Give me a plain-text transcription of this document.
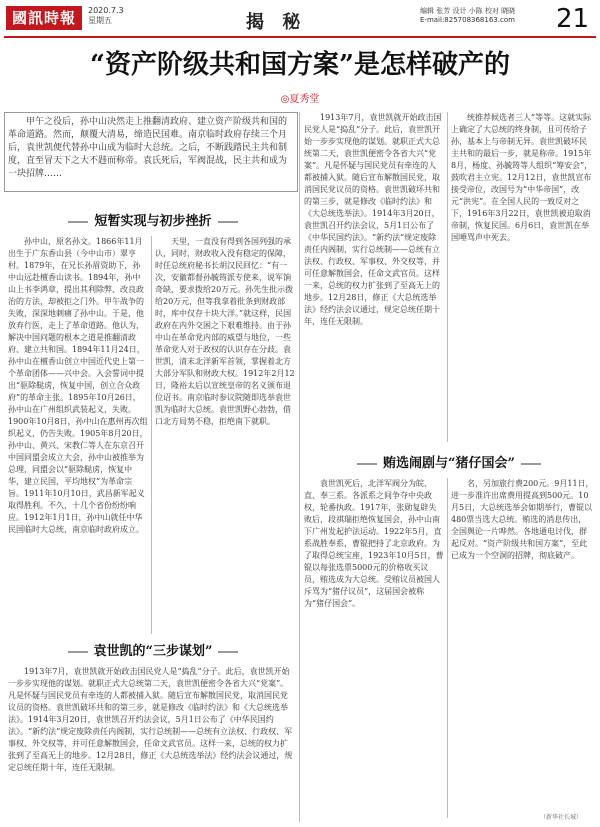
國訊時報	2020.7.3
星期五	揭 秘
编辑 张芳 设计 小陈 校对 晓晓
E-mail:825708368163.com 21
“资产阶级共和国方案”是怎样破产的
◎夏秀堂
甲午之役后，孙中山决然走上推翻清政府、建立资产阶级共和国的革命道路。然而，颠覆大清易，缔造民国难。南京临时政府存续三个月后，袁世凯便代替孙中山成为临时大总统。之后，不断践踏民主共和制度，直至冒天下之大不韪而称帝。袁氏死后，军阀混战，民主共和成为一块招牌……
短暂实现与初步挫折

孙中山，原名孙文。1866年11月出生于广东香山县（今中山市）翠亨村。1879年，在兄长孙眉资助下，孙中山远赴檀香山读书。1894年，孙中山上书李鸿章，提出其利除弊、改良政治的方法，却被拒之门外。甲午战争的失败，深深地刺痛了孙中山。于是，他放弃行医，走上了革命道路。他认为，解决中国问题的根本之道是推翻清政府、建立共和国。1894年11月24日，孙中山在檀香山创立中国近代史上第一个革命团体——兴中会。入会誓词中提出“驱除鞑虏，恢复中国，创立合众政府”的革命主张。1895年10月26日，孙中山在广州组织武装起义，失败。1900年10月8日，孙中山在惠州再次组织起义，仍告失败。1905年8月20日，孙中山、黄兴、宋教仁等人在东京召开中国同盟会成立大会，孙中山被推举为总理，同盟会以“驱除鞑虏，恢复中华，建立民国，平均地权”为革命宗旨。1911年10月10日，武昌新军起义取得胜利。不久，十几个省份纷纷响应。1912年1月1日，孙中山就任中华民国临时大总统，南京临时政府成立。

天里，一直没有得到各国列强的承认，同时，财政收入没有稳定的保障，时任总统府秘书长胡汉民回忆：“有一次，安徽都督孙毓筠派专使来，说军饷奇缺，要求拨给20万元。孙先生批示拨给20万元，但等我拿着批条到财政部时，库中仅存十块大洋。”就这样，民国政府在内外交困之下艰难维持。由于孙中山在革命党内部的威望与地位，一些革命党人对于政权的认识存在分歧。袁世凯，清末北洋新军首领，掌握着北方大部分军队和财政大权。1912年2月12日，隆裕太后以宣统皇帝的名义颁布退位诏书。南京临时参议院随即选举袁世凯为临时大总统。袁世凯野心勃勃，借口北方局势不稳，拒绝南下就职。

袁世凯的“三步谋划”

1913年7月，袁世凯就开始政击国民党人是“捣乱”分子。此后，袁世凯开始一步步实现他的谋划。就职正式大总统第二天，袁世凯便密令各省大兴“党案”。凡是怀疑与国民党员有牵连的人都被捕入狱。随后宣布解散国民党，取消国民党议员的资格。袁世凯破坏共和的第三步，就是修改《临时约法》和《大总统选举法》。1914年3月20日，袁世凯召开约法会议，5月1日公布了《中华民国约法》。“新约法”规定废除责任内阁制，实行总统制——总统有立法权、行政权、军事权、外交权等，并可任意解散国会，任命文武官员。这样一来，总统的权力扩张到了至高无上的地步。12月28日，修正《大总统选举法》经约法会议通过，规定总统任期十年，连任无限制。

1913年7月，袁世凯就开始政击国民党人是“捣乱”分子。此后，袁世凯开始一步步实现他的谋划。就职正式大总统第二天，袁世凯便密令各省大兴“党案”。凡是怀疑与国民党员有牵连的人都被捕入狱。随后宣布解散国民党，取消国民党议员的资格。袁世凯破坏共和的第三步，就是修改《临时约法》和《大总统选举法》。1914年3月20日，袁世凯召开约法会议，5月1日公布了《中华民国约法》。“新约法”规定废除责任内阁制，实行总统制——总统有立法权、行政权、军事权、外交权等，并可任意解散国会，任命文武官员。这样一来，总统的权力扩张到了至高无上的地步。12月28日，修正《大总统选举法》经约法会议通过，规定总统任期十年，连任无限制。

统推荐候选者三人”等等。这就实际上确定了大总统的终身制，且可传给子孙，基本上与帝制无异。袁世凯破坏民主共和的最后一步，就是称帝。1915年8月，杨度、孙毓筠等人组织“筹安会”，鼓吹君主立宪。12月12日，袁世凯宣布接受帝位，改国号为“中华帝国”，改元“洪宪”。在全国人民的一致反对之下，1916年3月22日，袁世凯被迫取消帝制，恢复民国。6月6日，袁世凯在举国唾骂声中死去。

贿选闹剧与“猪仔国会”

袁世凯死后，北洋军阀分为皖、直、奉三系。各派系之间争夺中央政权，轮番执政。1917年，张勋复辟失败后，段祺瑞拒绝恢复国会，孙中山南下广州发起护法运动。1922年5月，直系战胜奉系，曹锟把持了北京政府。为了取得总统宝座，1923年10月5日，曹锟以每张选票5000元的价格收买议员，贿选成为大总统。受贿议员被国人斥骂为“猪仔议员”，这届国会被称为“猪仔国会”。

名，另加旅行费200元。9月11日，进一步准许出席费用提高到500元。10月5日，大总统选举会如期举行，曹锟以480票当选大总统。贿选的消息传出，全国舆论一片哗然。各地通电讨伐，群起反对。“资产阶级共和国方案”，至此已成为一个空洞的招牌，彻底破产。

（新华社长城）
